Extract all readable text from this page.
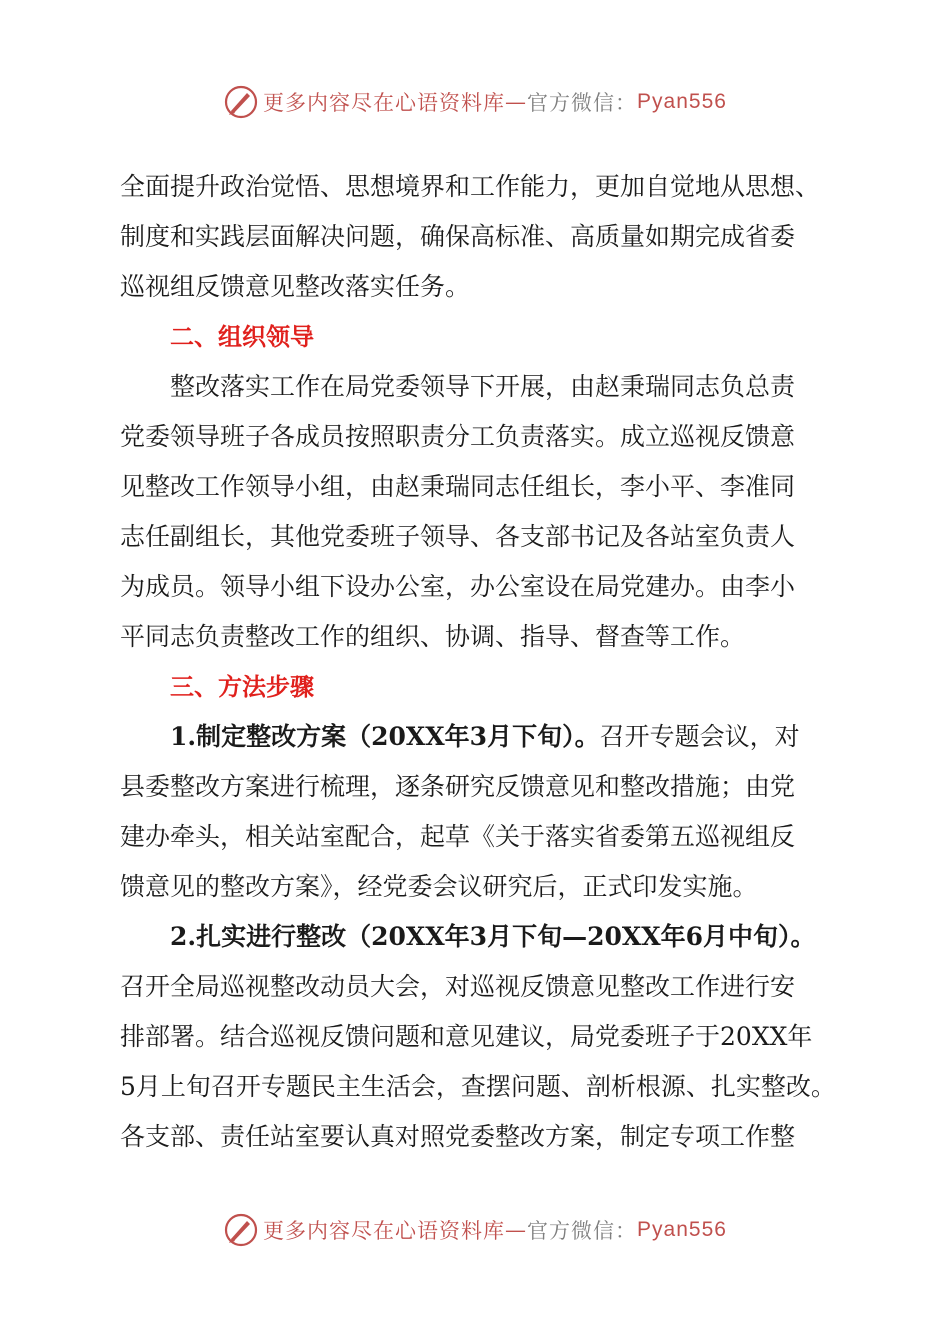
更多内容尽在心语资料库 — 官方微信： Pyan556
全面提升政治觉悟、思想境界和工作能力，更加自觉地从思想、
制度和实践层面解决问题，确保高标准、高质量如期完成省委
巡视组反馈意见整改落实任务。
二、组织领导
整改落实工作在局党委领导下开展，由赵秉瑞同志负总责
党委领导班子各成员按照职责分工负责落实。成立巡视反馈意
见整改工作领导小组，由赵秉瑞同志任组长，李小平、李准同
志任副组长，其他党委班子领导、各支部书记及各站室负责人
为成员。领导小组下设办公室，办公室设在局党建办。由李小
平同志负责整改工作的组织、协调、指导、督查等工作。
三、方法步骤
1.制定整改方案（20XX年3月下旬）。召开专题会议，对
县委整改方案进行梳理，逐条研究反馈意见和整改措施；由党
建办牵头，相关站室配合，起草《关于落实省委第五巡视组反
馈意见的整改方案》，经党委会议研究后，正式印发实施。
2.扎实进行整改（20XX年3月下旬—20XX年6月中旬）。
召开全局巡视整改动员大会，对巡视反馈意见整改工作进行安
排部署。结合巡视反馈问题和意见建议，局党委班子于20XX年
5月上旬召开专题民主生活会，查摆问题、剖析根源、扎实整改。
各支部、责任站室要认真对照党委整改方案，制定专项工作整
更多内容尽在心语资料库 — 官方微信： Pyan556
